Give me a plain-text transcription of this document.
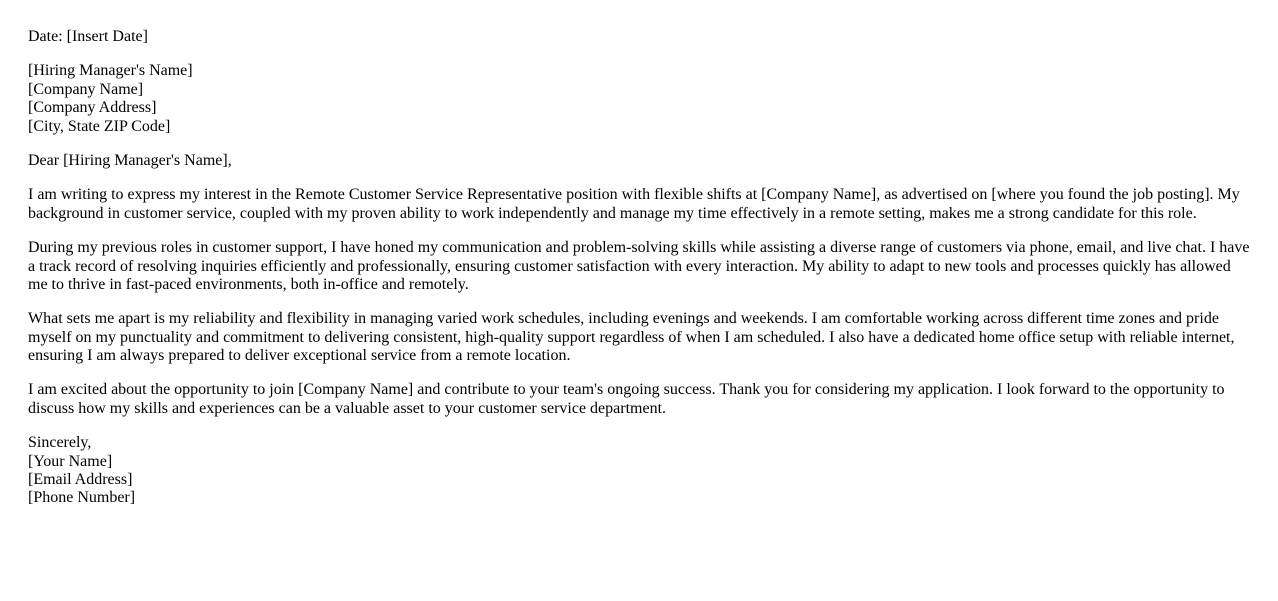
Date: [Insert Date]

[Hiring Manager's Name]
[Company Name]
[Company Address]
[City, State ZIP Code]

Dear [Hiring Manager's Name],

I am writing to express my interest in the Remote Customer Service Representative position with flexible shifts at [Company Name], as advertised on [where you found the job posting]. My background in customer service, coupled with my proven ability to work independently and manage my time effectively in a remote setting, makes me a strong candidate for this role.

During my previous roles in customer support, I have honed my communication and problem-solving skills while assisting a diverse range of customers via phone, email, and live chat. I have a track record of resolving inquiries efficiently and professionally, ensuring customer satisfaction with every interaction. My ability to adapt to new tools and processes quickly has allowed me to thrive in fast-paced environments, both in-office and remotely.

What sets me apart is my reliability and flexibility in managing varied work schedules, including evenings and weekends. I am comfortable working across different time zones and pride myself on my punctuality and commitment to delivering consistent, high-quality support regardless of when I am scheduled. I also have a dedicated home office setup with reliable internet, ensuring I am always prepared to deliver exceptional service from a remote location.

I am excited about the opportunity to join [Company Name] and contribute to your team's ongoing success. Thank you for considering my application. I look forward to the opportunity to discuss how my skills and experiences can be a valuable asset to your customer service department.

Sincerely,
[Your Name]
[Email Address]
[Phone Number]
